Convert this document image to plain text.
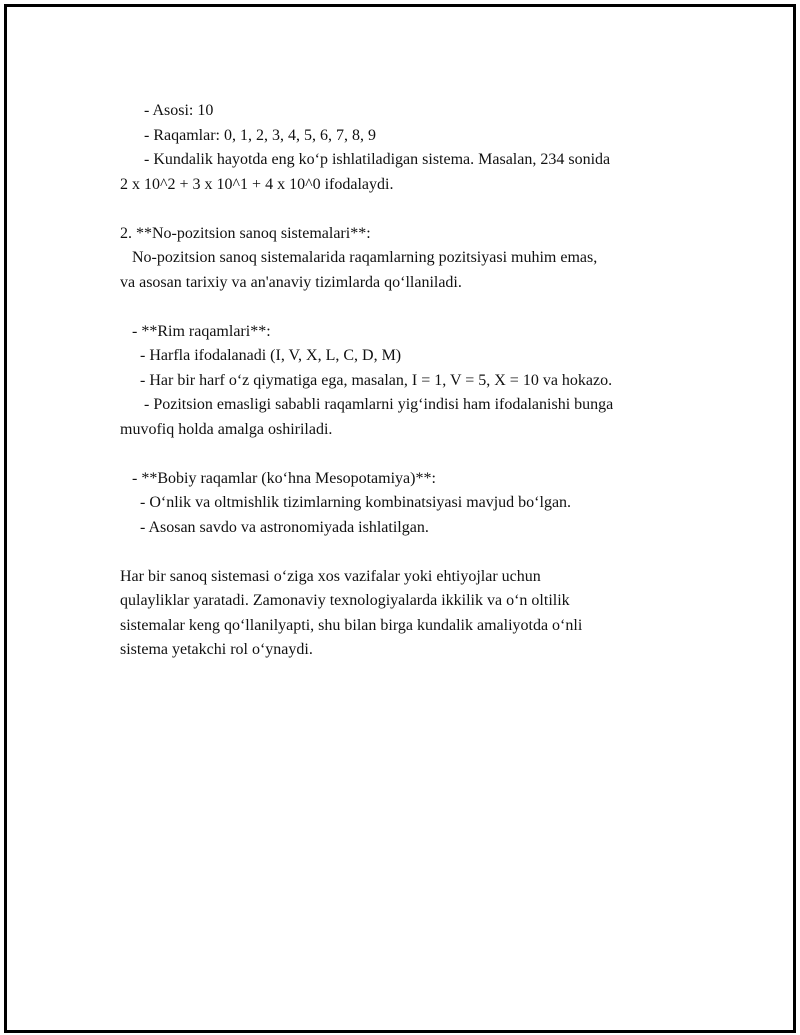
- Asosi: 10
- Raqamlar: 0, 1, 2, 3, 4, 5, 6, 7, 8, 9
- Kundalik hayotda eng ko‘p ishlatiladigan sistema. Masalan, 234 sonida
2 x 10^2 + 3 x 10^1 + 4 x 10^0 ifodalaydi.
2. **No-pozitsion sanoq sistemalari**:
No-pozitsion sanoq sistemalarida raqamlarning pozitsiyasi muhim emas,
va asosan tarixiy va an'anaviy tizimlarda qo‘llaniladi.
- **Rim raqamlari**:
- Harfla ifodalanadi (I, V, X, L, C, D, M)
- Har bir harf o‘z qiymatiga ega, masalan, I = 1, V = 5, X = 10 va hokazo.
- Pozitsion emasligi sababli raqamlarni yig‘indisi ham ifodalanishi bunga
muvofiq holda amalga oshiriladi.
- **Bobiy raqamlar (ko‘hna Mesopotamiya)**:
- O‘nlik va oltmishlik tizimlarning kombinatsiyasi mavjud bo‘lgan.
- Asosan savdo va astronomiyada ishlatilgan.
Har bir sanoq sistemasi o‘ziga xos vazifalar yoki ehtiyojlar uchun
qulayliklar yaratadi. Zamonaviy texnologiyalarda ikkilik va o‘n oltilik
sistemalar keng qo‘llanilyapti, shu bilan birga kundalik amaliyotda o‘nli
sistema yetakchi rol o‘ynaydi.
